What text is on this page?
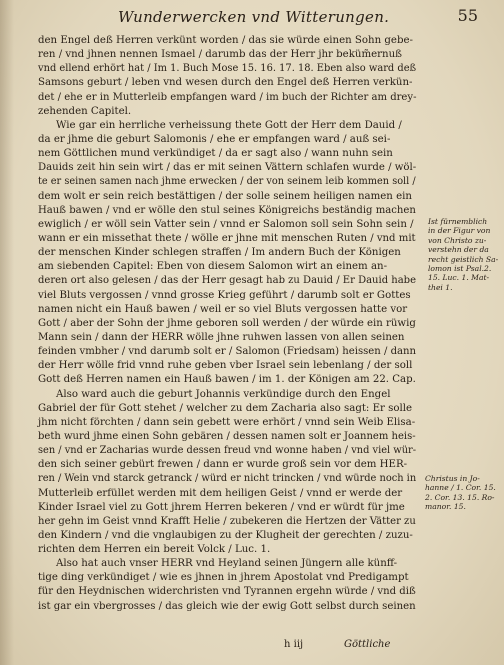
Wunderwercken vnd Witterungen.	55
den Engel deß Herren verkünt worden / das sie würde einen Sohn gebe-
ren / vnd jhnen nennen Ismael / darumb das der Herr jhr beküm̃ernuß
vnd ellend erhört hat / Im 1. Buch Mose 15. 16. 17. 18. Eben also ward deß
Samsons geburt / leben vnd wesen durch den Engel deß Herren verkün-
det / ehe er in Mutterleib empfangen ward / im buch der Richter am drey-
zehenden Capitel.
Wie gar ein herrliche verheissung thete Gott der Herr dem Dauid /
da er jhme die geburt Salomonis / ehe er empfangen ward / auß sei-
nem Göttlichen mund verkündiget / da er sagt also / wann nuhn sein
Dauids zeit hin sein wirt / das er mit seinen Vättern schlafen wurde / wöl-
te er seinen samen nach jhme erwecken / der von seinem leib kommen soll /
dem wolt er sein reich bestättigen / der solle seinem heiligen namen ein
Hauß bawen / vnd er wölle den stul seines Königreichs beständig machen
ewiglich / er wöll sein Vatter sein / vnnd er Salomon soll sein Sohn sein /
wann er ein missethat thete / wölle er jhne mit menschen Ruten / vnd mit
der menschen Kinder schlegen straffen / Im andern Buch der Königen
am siebenden Capitel: Eben von diesem Salomon wirt an einem an-
deren ort also gelesen / das der Herr gesagt hab zu Dauid / Er Dauid habe
viel Bluts vergossen / vnnd grosse Krieg geführt / darumb solt er Gottes
namen nicht ein Hauß bawen / weil er so viel Bluts vergossen hatte vor
Gott / aber der Sohn der jhme geboren soll werden / der würde ein rüwig
Mann sein / dann der HERR wölle jhne ruhwen lassen von allen seinen
feinden vmbher / vnd darumb solt er / Salomon (Friedsam) heissen / dann
der Herr wölle frid vnnd ruhe geben vber Israel sein lebenlang / der soll
Gott deß Herren namen ein Hauß bawen / im 1. der Königen am 22. Cap.
Also ward auch die geburt Johannis verkündige durch den Engel
Gabriel der für Gott stehet / welcher zu dem Zacharia also sagt: Er solle
jhm nicht förchten / dann sein gebett were erhört / vnnd sein Weib Elisa-
beth wurd jhme einen Sohn gebären / dessen namen solt er Joannem heis-
sen / vnd er Zacharias wurde dessen freud vnd wonne haben / vnd viel wür-
den sich seiner gebürt frewen / dann er wurde groß sein vor dem HER-
ren / Wein vnd starck getranck / würd er nicht trincken / vnd würde noch in
Mutterleib erfüllet werden mit dem heiligen Geist / vnnd er werde der
Kinder Israel viel zu Gott jhrem Herren bekeren / vnd er würdt für jme
her gehn im Geist vnnd Krafft Helie / zubekeren die Hertzen der Vätter zu
den Kindern / vnd die vnglaubigen zu der Klugheit der gerechten / zuzu-
richten dem Herren ein bereit Volck / Luc. 1.
Also hat auch vnser HERR vnd Heyland seinen Jüngern alle künff-
tige ding verkündiget / wie es jhnen in jhrem Apostolat vnd Predigampt
für den Heydnischen widerchristen vnd Tyrannen ergehn würde / vnd diß
ist gar ein vbergrosses / das gleich wie der ewig Gott selbst durch seinen
Ist fürnemblich
in der Figur von
von Christo zu-
verstehn der da
recht geistlich Sa-
lomon ist Psal.2.
15. Luc. 1. Mat-
thei 1.
Christus in Jo-
hanne / 1. Cor. 15.
2. Cor. 13. 15. Ro-
manor. 15.
h iij	Göttliche
